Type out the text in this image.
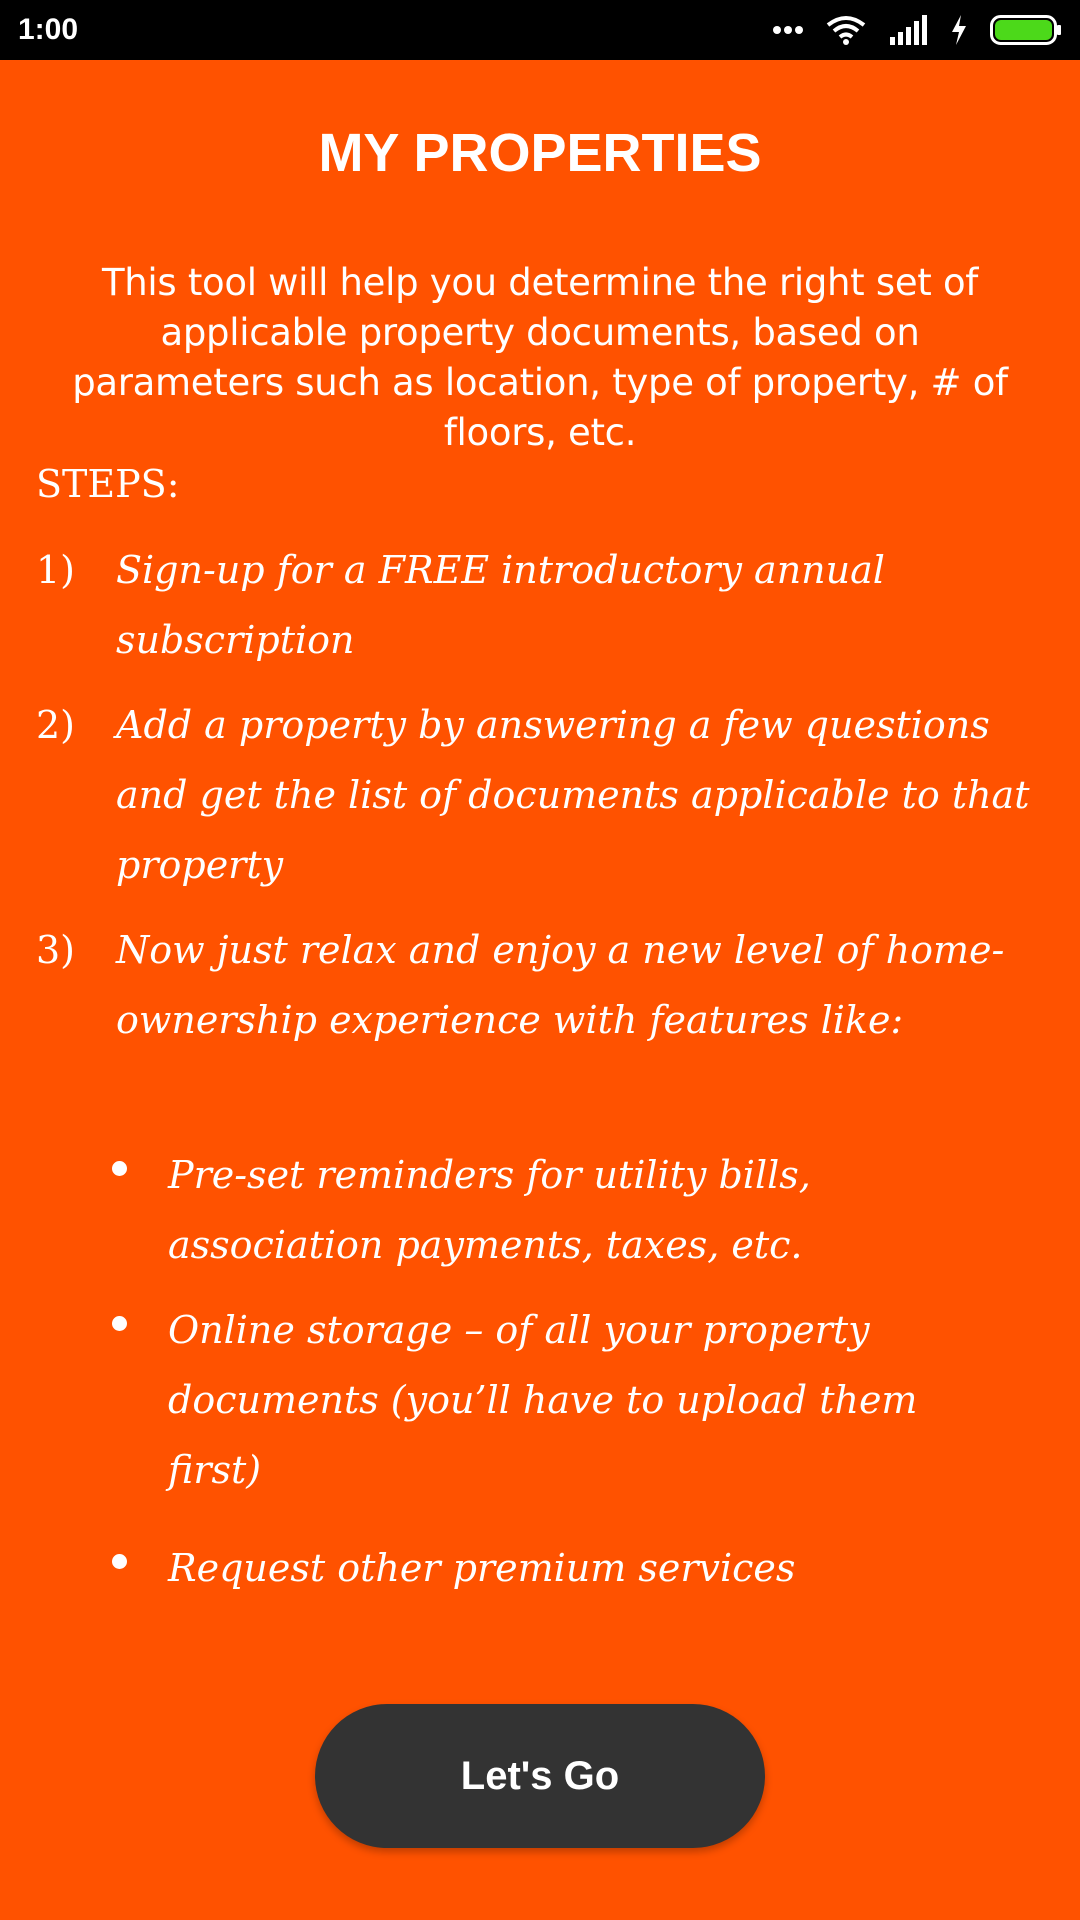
1:00
MY PROPERTIES
This tool will help you determine the right set of applicable property documents, based on parameters such as location, type of property, # of floors, etc.
STEPS:
1)	Sign-up for a FREE introductory annual subscription
2)	Add a property by answering a few questions and get the list of documents applicable to that property
3)	Now just relax and enjoy a new level of home-ownership experience with features like:
Pre-set reminders for utility bills, association payments, taxes, etc.
Online storage – of all your property documents (you’ll have to upload them first)
Request other premium services
Let's Go
